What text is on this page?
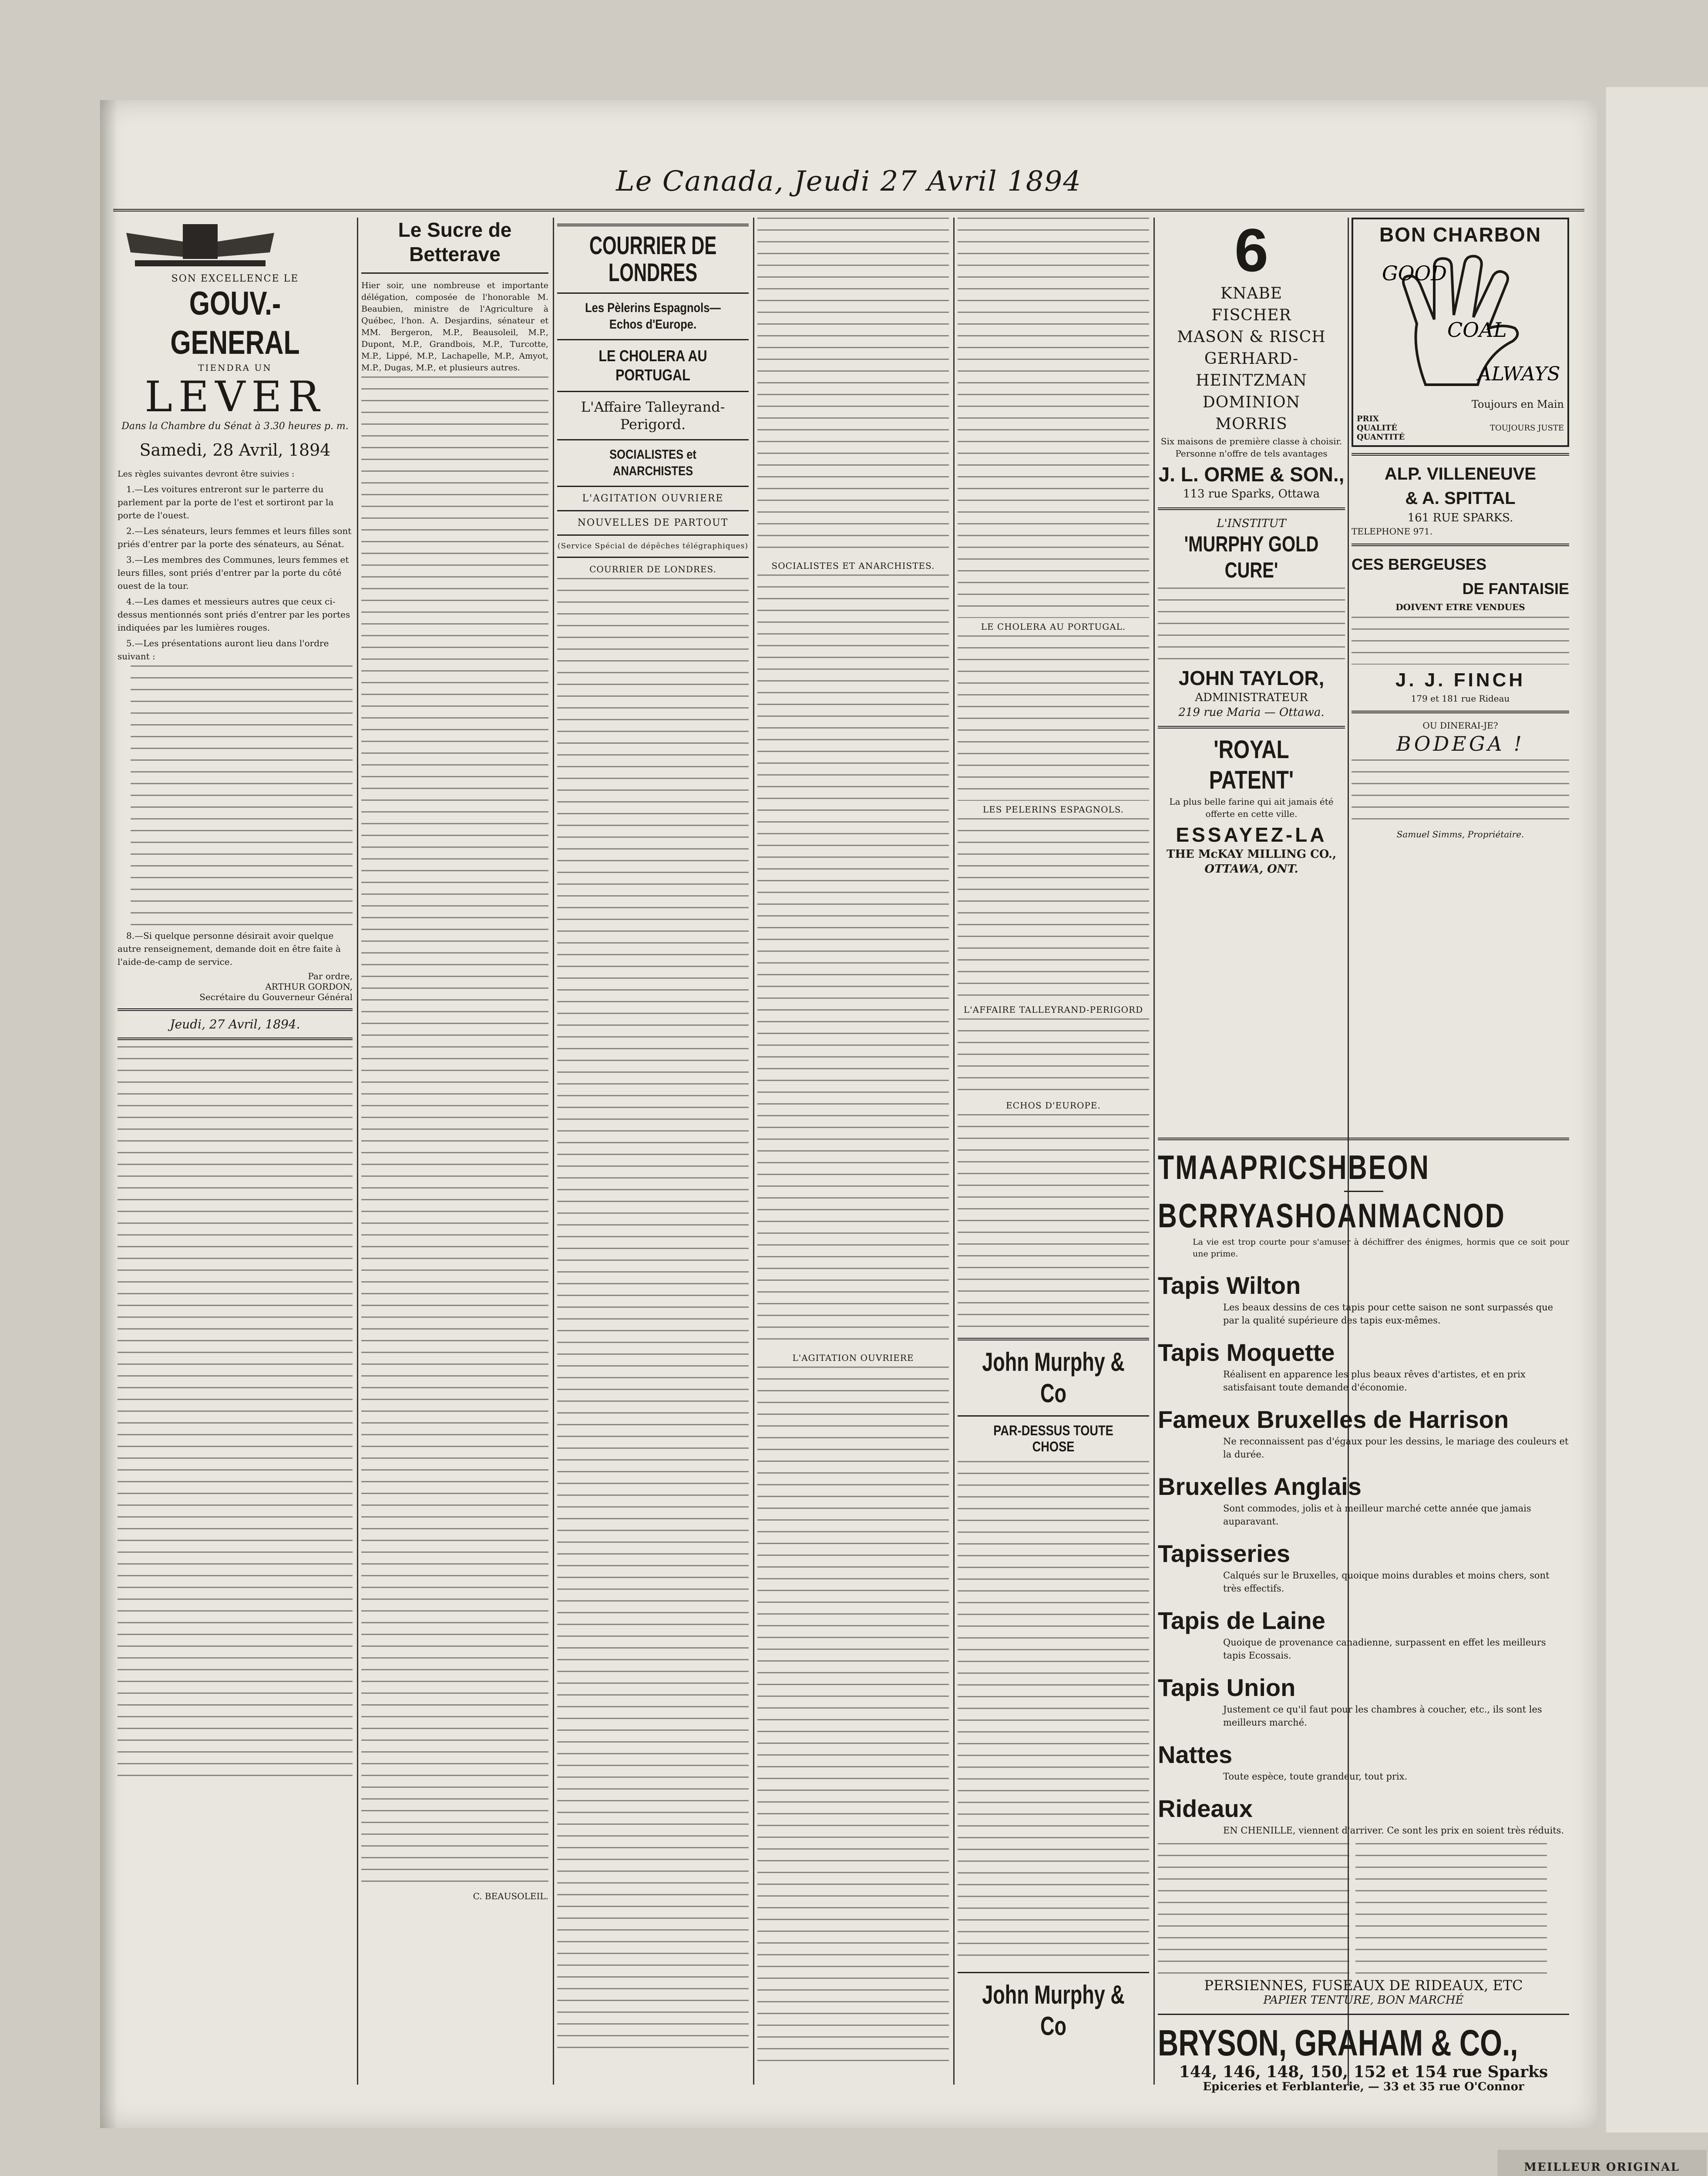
Le Canada, Jeudi 27 Avril 1894
SON EXCELLENCE LE
GOUV.-GENERAL
TIENDRA UN
LEVER
Dans la Chambre du Sénat à 3.30 heures p. m.
Samedi, 28 Avril, 1894

Les règles suivantes devront être suivies :

1.—Les voitures entreront sur le parterre du parlement par la porte de l'est et sortiront par la porte de l'ouest.

2.—Les sénateurs, leurs femmes et leurs filles sont priés d'entrer par la porte des sénateurs, au Sénat.

3.—Les membres des Communes, leurs femmes et leurs filles, sont priés d'entrer par la porte du côté ouest de la tour.

4.—Les dames et messieurs autres que ceux ci-dessus mentionnés sont priés d'entrer par les portes indiquées par les lumières rouges.

5.—Les présentations auront lieu dans l'ordre suivant :

8.—Si quelque personne désirait avoir quelque autre renseignement, demande doit en être faite à l'aide-de-camp de service.

Par ordre,
ARTHUR GORDON,
Secrétaire du Gouverneur Général
Jeudi, 27 Avril, 1894.
Le Sucre de Betterave

Hier soir, une nombreuse et importante délégation, composée de l'honorable M. Beaubien, ministre de l'Agriculture à Québec, l'hon. A. Desjardins, sénateur et MM. Bergeron, M.P., Beausoleil, M.P., Dupont, M.P., Grandbois, M.P., Turcotte, M.P., Lippé, M.P., Lachapelle, M.P., Amyot, M.P., Dugas, M.P., et plusieurs autres.

C. BEAUSOLEIL.
COURRIER DE LONDRES
Les Pèlerins Espagnols—Echos d'Europe.
LE CHOLERA AU PORTUGAL
L'Affaire Talleyrand-Perigord.
SOCIALISTES et ANARCHISTES
L'AGITATION OUVRIERE
NOUVELLES DE PARTOUT
(Service Spécial de dépêches télégraphiques)
COURRIER DE LONDRES.	SOCIALISTES ET ANARCHISTES.
L'AGITATION OUVRIERE
LE CHOLERA AU PORTUGAL.
LES PELERINS ESPAGNOLS.
L'AFFAIRE TALLEYRAND-PERIGORD
ECHOS D'EUROPE.
John Murphy & Co
PAR-DESSUS TOUTE CHOSE
John Murphy & Co
6
KNABE
FISCHER
MASON & RISCH
GERHARD-HEINTZMAN
DOMINION
MORRIS

Six maisons de première classe à choisir. Personne n'offre de tels avantages

J. L. ORME & SON.,
113 rue Sparks, Ottawa
L'INSTITUT
'MURPHY GOLD CURE'
JOHN TAYLOR,
ADMINISTRATEUR
219 rue Maria — Ottawa.
'ROYAL PATENT'

La plus belle farine qui ait jamais été offerte en cette ville.

ESSAYEZ-LA
THE McKAY MILLING CO.,
OTTAWA, ONT.
BON CHARBON
GOOD
COAL
ALWAYS
Toujours en Main
PRIX QUALITÉ QUANTITÉ
TOUJOURS JUSTE
ALP. VILLENEUVE
& A. SPITTAL
161 RUE SPARKS.
TELEPHONE 971.
CES BERGEUSES
DE FANTAISIE
DOIVENT ETRE VENDUES
J. J. FINCH
179 et 181 rue Rideau
OU DINERAI-JE?
BODEGA !
Samuel Simms, Propriétaire.
TMAAPRICSHBEON
BCRRYASHOANMACNOD

La vie est trop courte pour s'amuser à déchiffrer des énigmes, hormis que ce soit pour une prime.

Tapis Wilton
Les beaux dessins de ces tapis pour cette saison ne sont surpassés que par la qualité supérieure des tapis eux-mêmes.
Tapis Moquette
Réalisent en apparence les plus beaux rêves d'artistes, et en prix satisfaisant toute demande d'économie.
Fameux Bruxelles de Harrison
Ne reconnaissent pas d'égaux pour les dessins, le mariage des couleurs et la durée.
Bruxelles Anglais
Sont commodes, jolis et à meilleur marché cette année que jamais auparavant.
Tapisseries
Calqués sur le Bruxelles, quoique moins durables et moins chers, sont très effectifs.
Tapis de Laine
Quoique de provenance canadienne, surpassent en effet les meilleurs tapis Ecossais.
Tapis Union
Justement ce qu'il faut pour les chambres à coucher, etc., ils sont les meilleurs marché.
Nattes
Toute espèce, toute grandeur, tout prix.
Rideaux
EN CHENILLE, viennent d'arriver. Ce sont les prix en soient très réduits.
PERSIENNES, FUSEAUX DE RIDEAUX, ETC
PAPIER TENTURE, BON MARCHÉ
BRYSON, GRAHAM & CO.,
144, 146, 148, 150, 152 et 154 rue Sparks
Epiceries et Ferblanterie, — 33 et 35 rue O'Connor
MEILLEUR ORIGINAL
